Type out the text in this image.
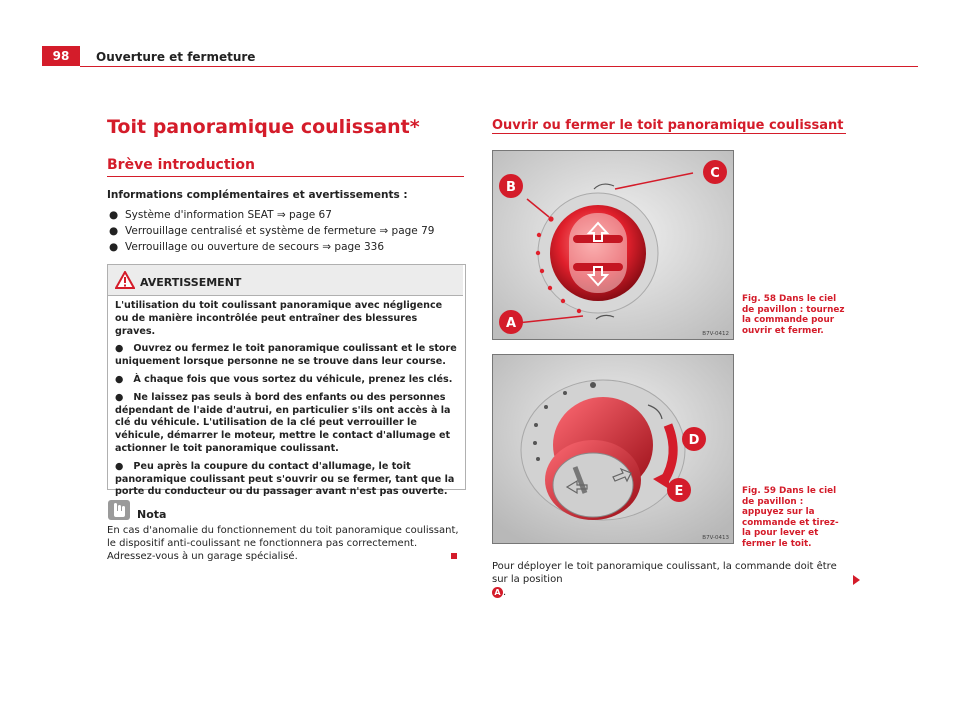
98	Ouverture et fermeture
Toit panoramique coulissant*
Brève introduction
Informations complémentaires et avertissements :
● Système d'information SEAT ⇒ page 67
● Verrouillage centralisé et système de fermeture ⇒ page 79
● Verrouillage ou ouverture de secours ⇒ page 336
AVERTISSEMENT

L'utilisation du toit coulissant panoramique avec négligence ou de manière incontrôlée peut entraîner des blessures graves.

●   Ouvrez ou fermez le toit panoramique coulissant et le store uniquement lorsque personne ne se trouve dans leur course.

●   À chaque fois que vous sortez du véhicule, prenez les clés.

●   Ne laissez pas seuls à bord des enfants ou des personnes dépendant de l'aide d'autrui, en particulier s'ils ont accès à la clé du véhicule. L'utilisation de la clé peut verrouiller le véhicule, démarrer le moteur, mettre le contact d'allumage et actionner le toit panoramique coulissant.

●   Peu après la coupure du contact d'allumage, le toit panoramique coulissant peut s'ouvrir ou se fermer, tant que la porte du conducteur ou du passager avant n'est pas ouverte.

Nota
En cas d'anomalie du fonctionnement du toit panoramique coulissant, le dispositif anti-coulissant ne fonctionnera pas correctement. Adressez-vous à un garage spécialisé.
Ouvrir ou fermer le toit panoramique coulissant
B
C
A
B7V-0412
Fig. 58 Dans le ciel de pavillon : tournez la commande pour ouvrir et fermer.
D
E
B7V-0413
Fig. 59 Dans le ciel de pavillon : appuyez sur la commande et tirez-la pour lever et fermer le toit.
Pour déployer le toit panoramique coulissant, la commande doit être sur la position
A .
